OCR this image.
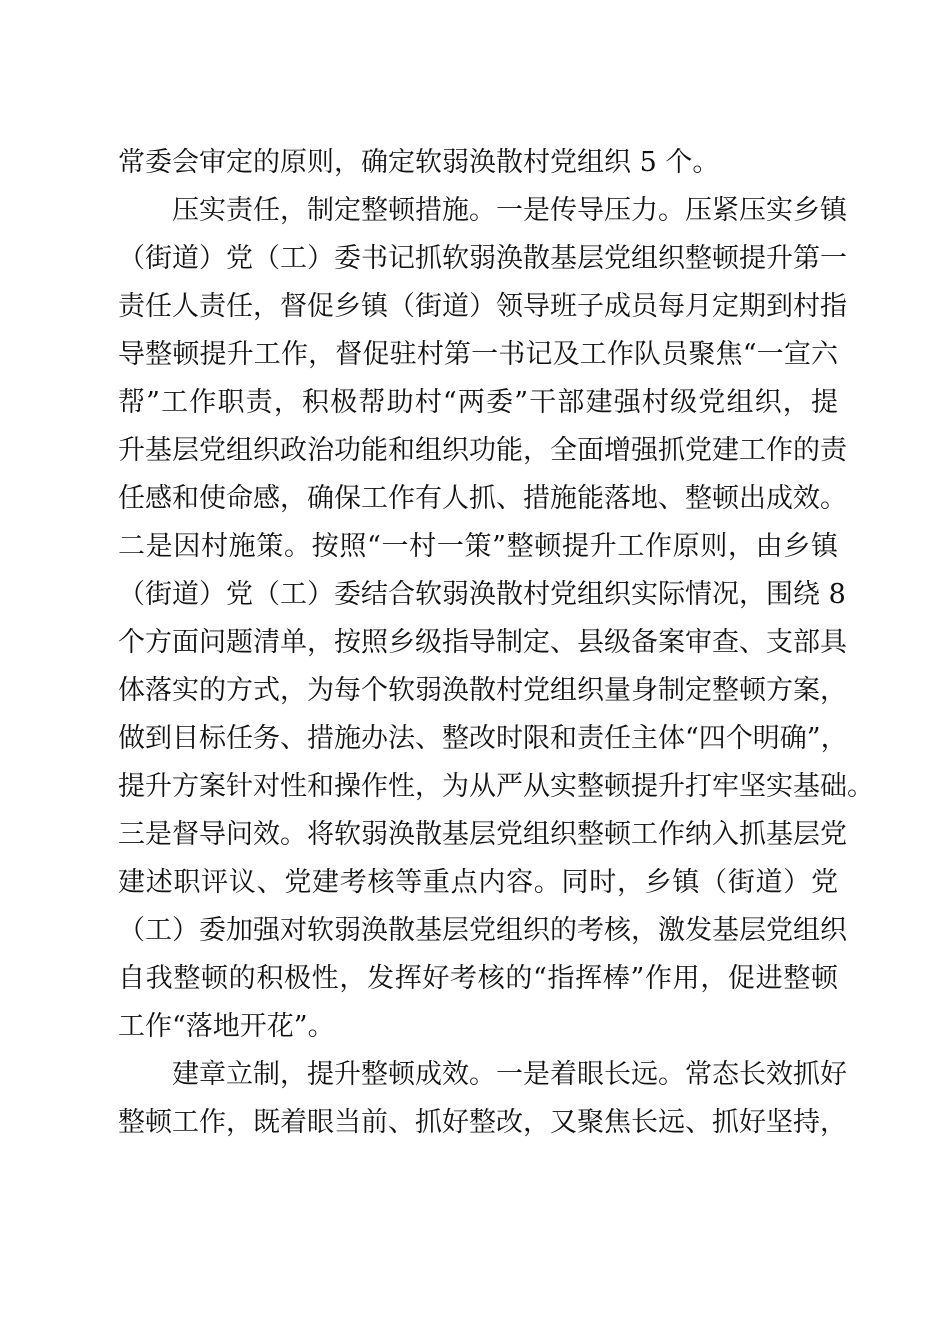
常委会审定的原则，确定软弱涣散村党组织 5 个。
压实责任，制定整顿措施。一是传导压力。压紧压实乡镇
（街道）党（工）委书记抓软弱涣散基层党组织整顿提升第一
责任人责任，督促乡镇（街道）领导班子成员每月定期到村指
导整顿提升工作，督促驻村第一书记及工作队员聚焦“一宣六
帮”工作职责，积极帮助村“两委”干部建强村级党组织，提
升基层党组织政治功能和组织功能，全面增强抓党建工作的责
任感和使命感，确保工作有人抓、措施能落地、整顿出成效。
二是因村施策。按照“一村一策”整顿提升工作原则，由乡镇
（街道）党（工）委结合软弱涣散村党组织实际情况，围绕 8
个方面问题清单，按照乡级指导制定、县级备案审查、支部具
体落实的方式，为每个软弱涣散村党组织量身制定整顿方案，
做到目标任务、措施办法、整改时限和责任主体“四个明确”，
提升方案针对性和操作性，为从严从实整顿提升打牢坚实基础。
三是督导问效。将软弱涣散基层党组织整顿工作纳入抓基层党
建述职评议、党建考核等重点内容。同时，乡镇（街道）党
（工）委加强对软弱涣散基层党组织的考核，激发基层党组织
自我整顿的积极性，发挥好考核的“指挥棒”作用，促进整顿
工作“落地开花”。
建章立制，提升整顿成效。一是着眼长远。常态长效抓好
整顿工作，既着眼当前、抓好整改，又聚焦长远、抓好坚持，
